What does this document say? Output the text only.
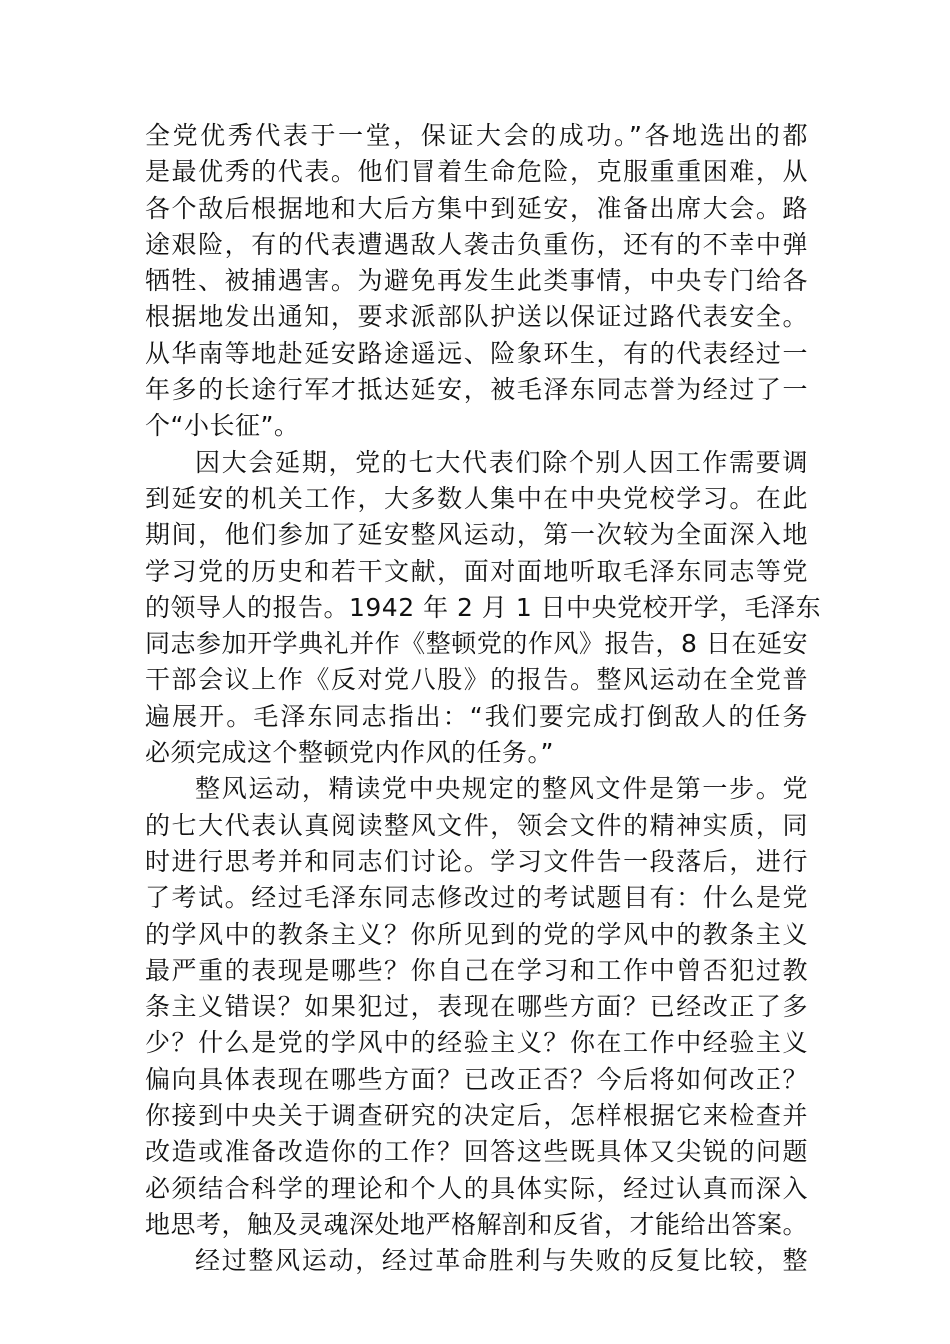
全党优秀代表于一堂，保证大会的成功。”各地选出的都
是最优秀的代表。他们冒着生命危险，克服重重困难，从
各个敌后根据地和大后方集中到延安，准备出席大会。路
途艰险，有的代表遭遇敌人袭击负重伤，还有的不幸中弹
牺牲、被捕遇害。为避免再发生此类事情，中央专门给各
根据地发出通知，要求派部队护送以保证过路代表安全。
从华南等地赴延安路途遥远、险象环生，有的代表经过一
年多的长途行军才抵达延安，被毛泽东同志誉为经过了一
个“小长征”。
因大会延期，党的七大代表们除个别人因工作需要调
到延安的机关工作，大多数人集中在中央党校学习。在此
期间，他们参加了延安整风运动，第一次较为全面深入地
学习党的历史和若干文献，面对面地听取毛泽东同志等党
的领导人的报告。1942 年 2 月 1 日中央党校开学，毛泽东
同志参加开学典礼并作《整顿党的作风》报告，8 日在延安
干部会议上作《反对党八股》的报告。整风运动在全党普
遍展开。毛泽东同志指出：“我们要完成打倒敌人的任务
必须完成这个整顿党内作风的任务。”
整风运动，精读党中央规定的整风文件是第一步。党
的七大代表认真阅读整风文件，领会文件的精神实质，同
时进行思考并和同志们讨论。学习文件告一段落后，进行
了考试。经过毛泽东同志修改过的考试题目有：什么是党
的学风中的教条主义？你所见到的党的学风中的教条主义
最严重的表现是哪些？你自己在学习和工作中曾否犯过教
条主义错误？如果犯过，表现在哪些方面？已经改正了多
少？什么是党的学风中的经验主义？你在工作中经验主义
偏向具体表现在哪些方面？已改正否？今后将如何改正？
你接到中央关于调查研究的决定后，怎样根据它来检查并
改造或准备改造你的工作？回答这些既具体又尖锐的问题
必须结合科学的理论和个人的具体实际，经过认真而深入
地思考，触及灵魂深处地严格解剖和反省，才能给出答案。
经过整风运动，经过革命胜利与失败的反复比较，整
